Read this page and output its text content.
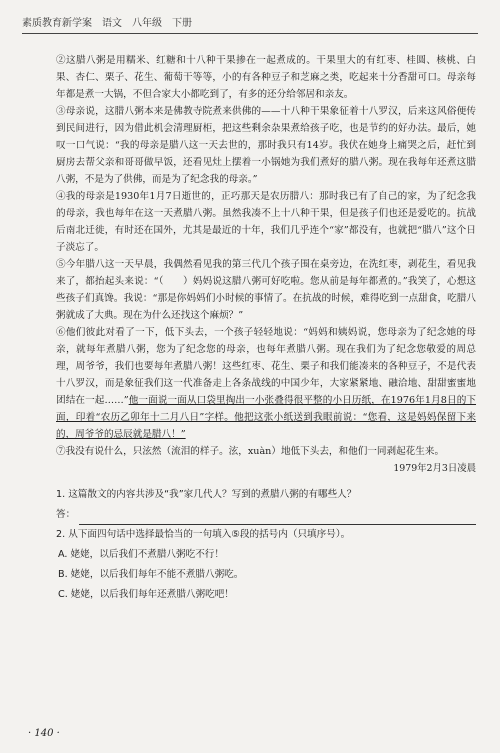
素质教育新学案 语文 八年级 下册

②这腊八粥是用糯米、红糖和十八种干果掺在一起煮成的。干果里大的有红枣、桂圆、核桃、白果、杏仁、栗子、花生、葡萄干等等，小的有各种豆子和芝麻之类，吃起来十分香甜可口。母亲每年都是煮一大锅，不但合家大小都吃到了，有多的还分给邻居和亲友。

③母亲说，这腊八粥本来是佛教寺院煮来供佛的——十八种干果象征着十八罗汉，后来这风俗便传到民间进行，因为借此机会清理厨柜，把这些剩余杂果煮给孩子吃，也是节约的好办法。最后，她叹一口气说：“我的母亲是腊八这一天去世的，那时我只有14岁。我伏在她身上痛哭之后，赶忙到厨房去帮父亲和哥哥做早饭，还看见灶上摆着一小锅她为我们煮好的腊八粥。现在我每年还煮这腊八粥，不是为了供佛，而是为了纪念我的母亲。”

④我的母亲是1930年1月7日逝世的，正巧那天是农历腊八：那时我已有了自己的家，为了纪念我的母亲，我也每年在这一天煮腊八粥。虽然我凑不上十八种干果，但是孩子们也还是爱吃的。抗战后南北迁徙，有时还在国外，尤其是最近的十年，我们几乎连个“家”都没有，也就把“腊八”这个日子淡忘了。

⑤今年腊八这一天早晨，我偶然看见我的第三代几个孩子围在桌旁边，在洗红枣，剥花生，看见我来了，都抬起头来说：“（　　）妈妈说这腊八粥可好吃啦。您从前是每年都煮的。”我笑了，心想这些孩子们真馋。我说：“那是你妈妈们小时候的事情了。在抗战的时候，难得吃到一点甜食，吃腊八粥就成了大典。现在为什么还找这个麻烦？”

⑥他们彼此对看了一下，低下头去，一个孩子轻轻地说：“妈妈和姨妈说，您母亲为了纪念她的母亲，就每年煮腊八粥，您为了纪念您的母亲，也每年煮腊八粥。现在我们为了纪念您敬爱的周总理，周爷爷，我们也要每年煮腊八粥！这些红枣、花生、栗子和我们能凑来的各种豆子，不是代表十八罗汉，而是象征我们这一代准备走上各条战线的中国少年，大家紧紧地、融洽地、甜甜蜜蜜地团结在一起……”他一面说一面从口袋里掏出一小张叠得很平整的小日历纸，在1976年1月8日的下面，印着“农历乙卯年十二月八日”字样。他把这张小纸送到我眼前说：“您看，这是妈妈保留下来的，周爷爷的忌辰就是腊八！”

⑦我没有说什么，只泫然（流泪的样子。泫，xuàn）地低下头去，和他们一同剥起花生来。

1979年2月3日凌晨

1. 这篇散文的内容共涉及“我”家几代人？写到的煮腊八粥的有哪些人？

答：

2. 从下面四句话中选择最恰当的一句填入⑤段的括号内（只填序号）。

A. 姥姥，以后我们不煮腊八粥吃不行！

B. 姥姥，以后我们每年不能不煮腊八粥吃。

C. 姥姥，以后我们每年还煮腊八粥吃吧！

· 140 ·
